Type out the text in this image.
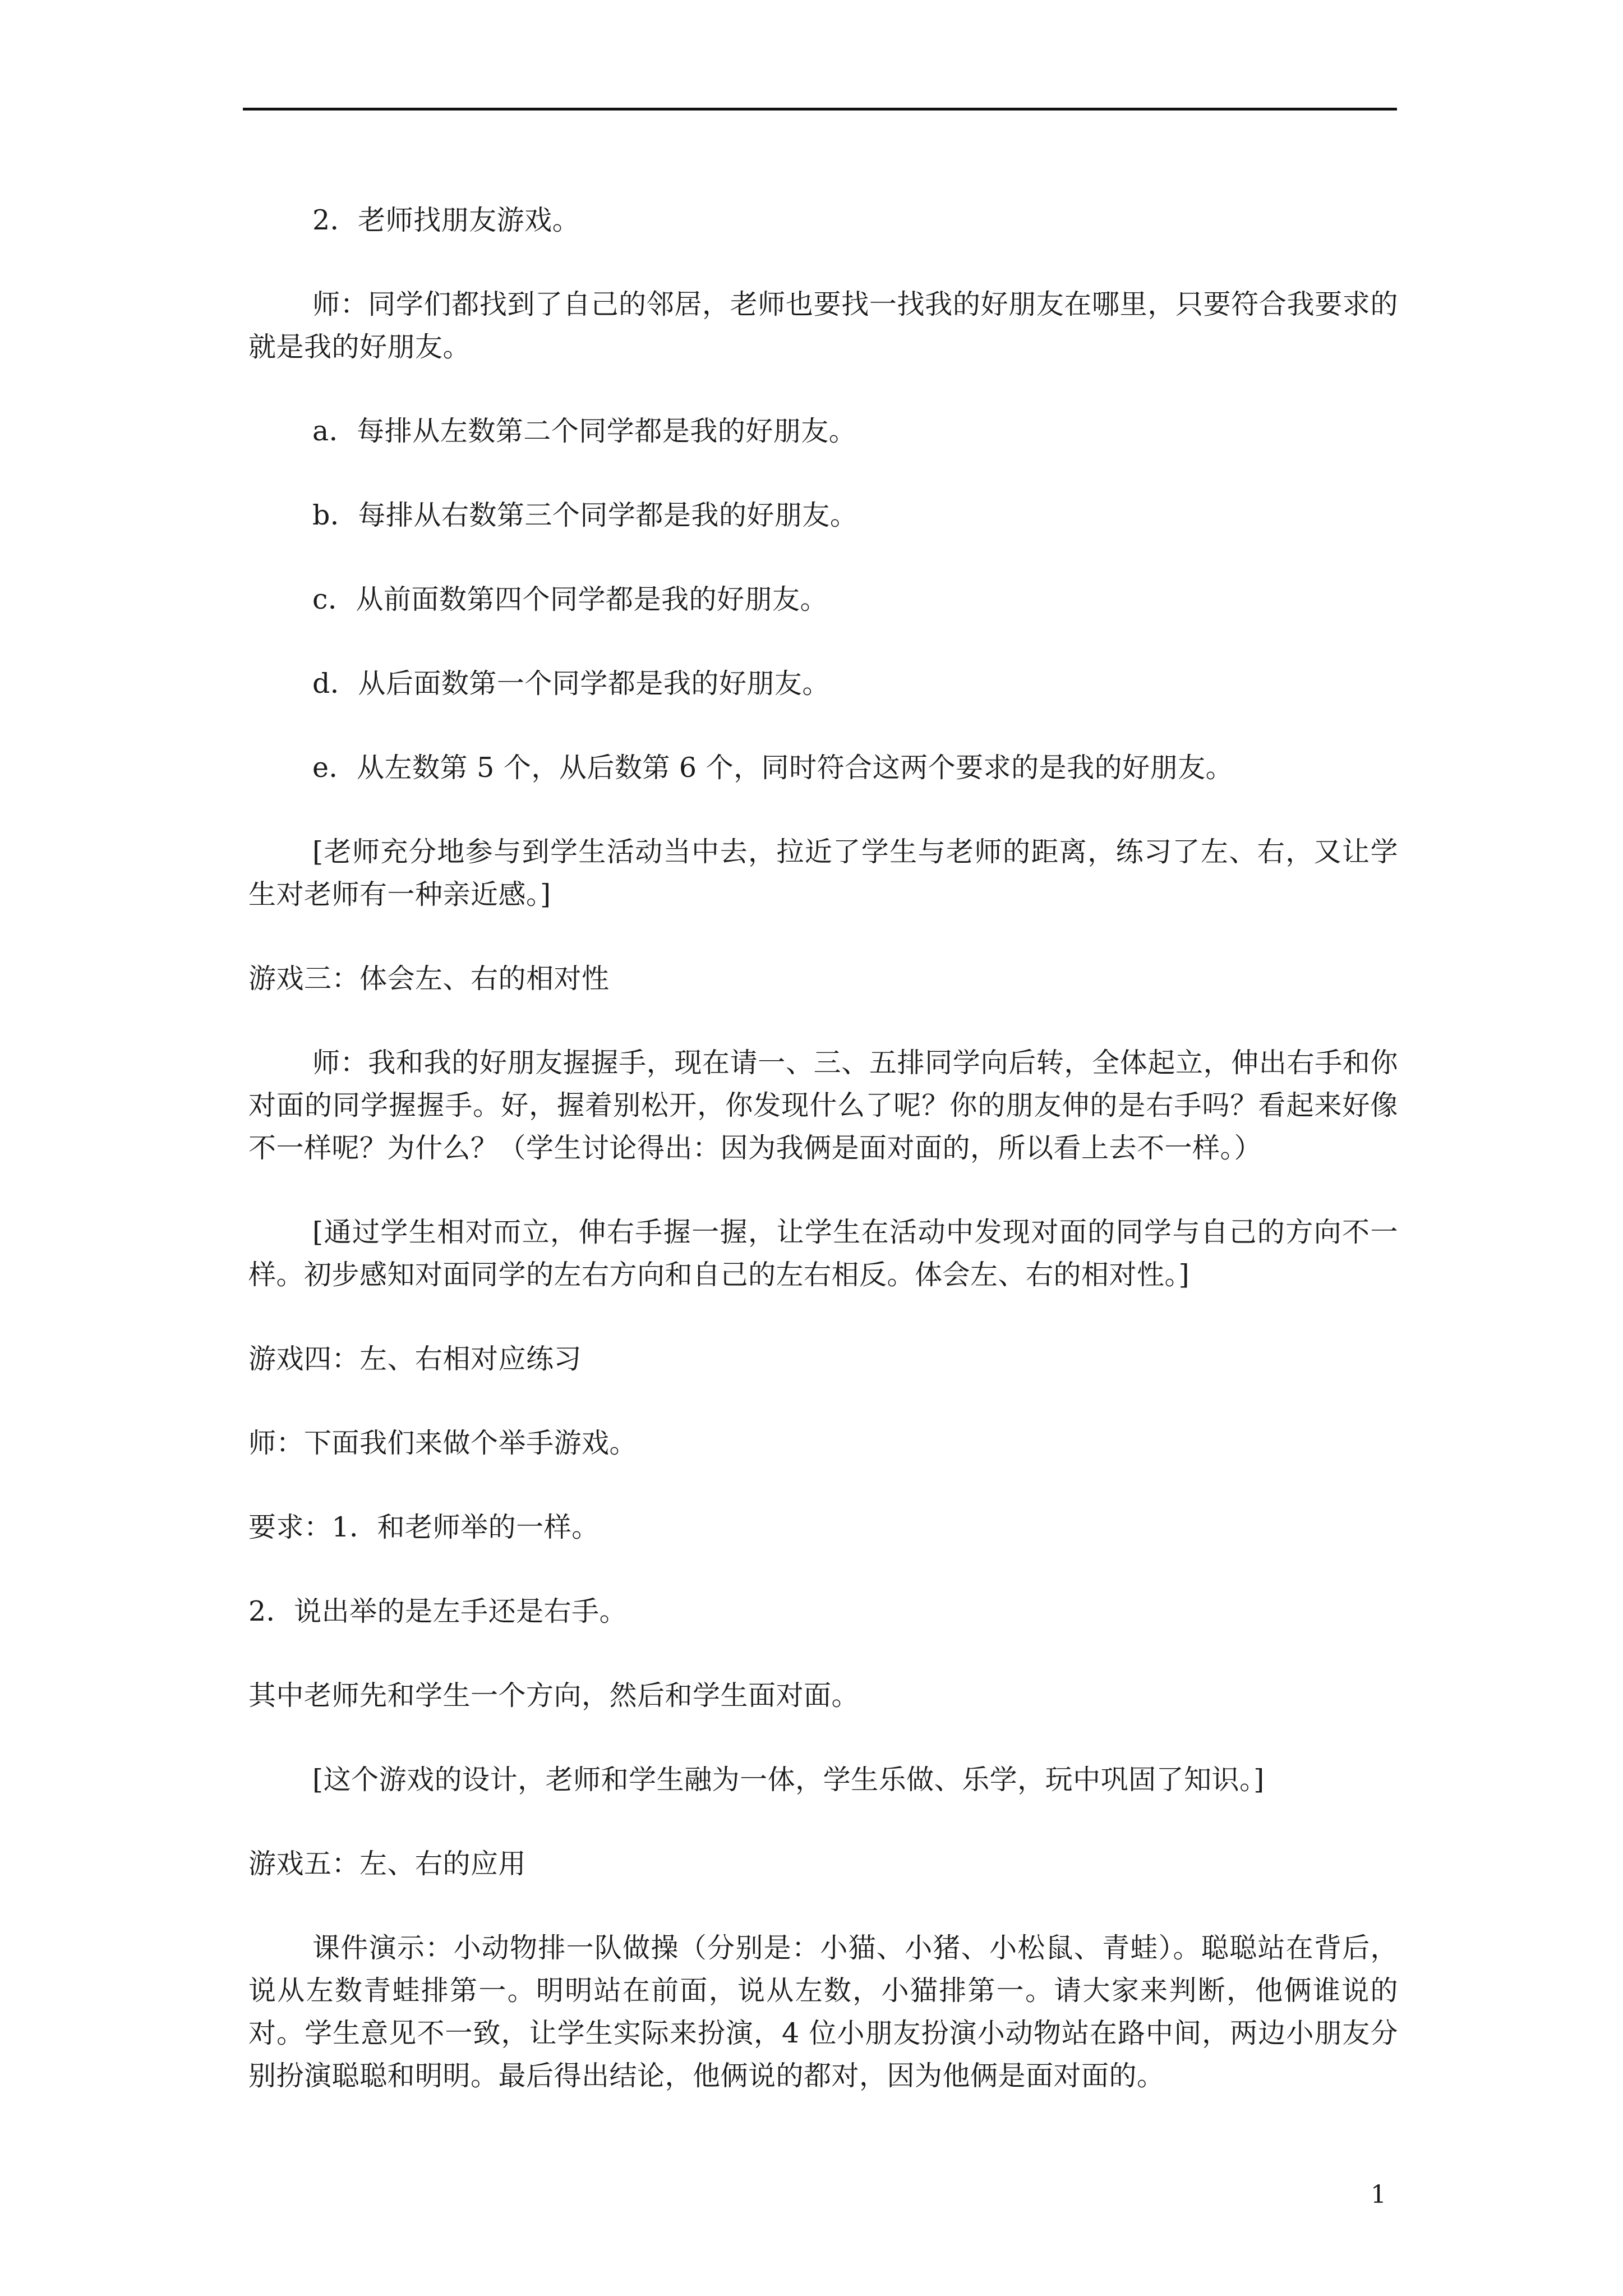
2．老师找朋友游戏。

师：同学们都找到了自己的邻居，老师也要找一找我的好朋友在哪里，只要符合我要求的就是我的好朋友。

a．每排从左数第二个同学都是我的好朋友。

b．每排从右数第三个同学都是我的好朋友。

c．从前面数第四个同学都是我的好朋友。

d．从后面数第一个同学都是我的好朋友。

e．从左数第 5 个，从后数第 6 个，同时符合这两个要求的是我的好朋友。

[老师充分地参与到学生活动当中去，拉近了学生与老师的距离，练习了左、右，又让学生对老师有一种亲近感。]

游戏三：体会左、右的相对性

师：我和我的好朋友握握手，现在请一、三、五排同学向后转，全体起立，伸出右手和你对面的同学握握手。好，握着别松开，你发现什么了呢？你的朋友伸的是右手吗？看起来好像不一样呢？为什么？（学生讨论得出：因为我俩是面对面的，所以看上去不一样。）

[通过学生相对而立，伸右手握一握，让学生在活动中发现对面的同学与自己的方向不一样。初步感知对面同学的左右方向和自己的左右相反。体会左、右的相对性。]

游戏四：左、右相对应练习

师：下面我们来做个举手游戏。

要求：1．和老师举的一样。

2．说出举的是左手还是右手。

其中老师先和学生一个方向，然后和学生面对面。

[这个游戏的设计，老师和学生融为一体，学生乐做、乐学，玩中巩固了知识。]

游戏五：左、右的应用

课件演示：小动物排一队做操（分别是：小猫、小猪、小松鼠、青蛙）。聪聪站在背后，说从左数青蛙排第一。明明站在前面，说从左数，小猫排第一。请大家来判断，他俩谁说的对。学生意见不一致，让学生实际来扮演，4 位小朋友扮演小动物站在路中间，两边小朋友分别扮演聪聪和明明。最后得出结论，他俩说的都对，因为他俩是面对面的。

1
